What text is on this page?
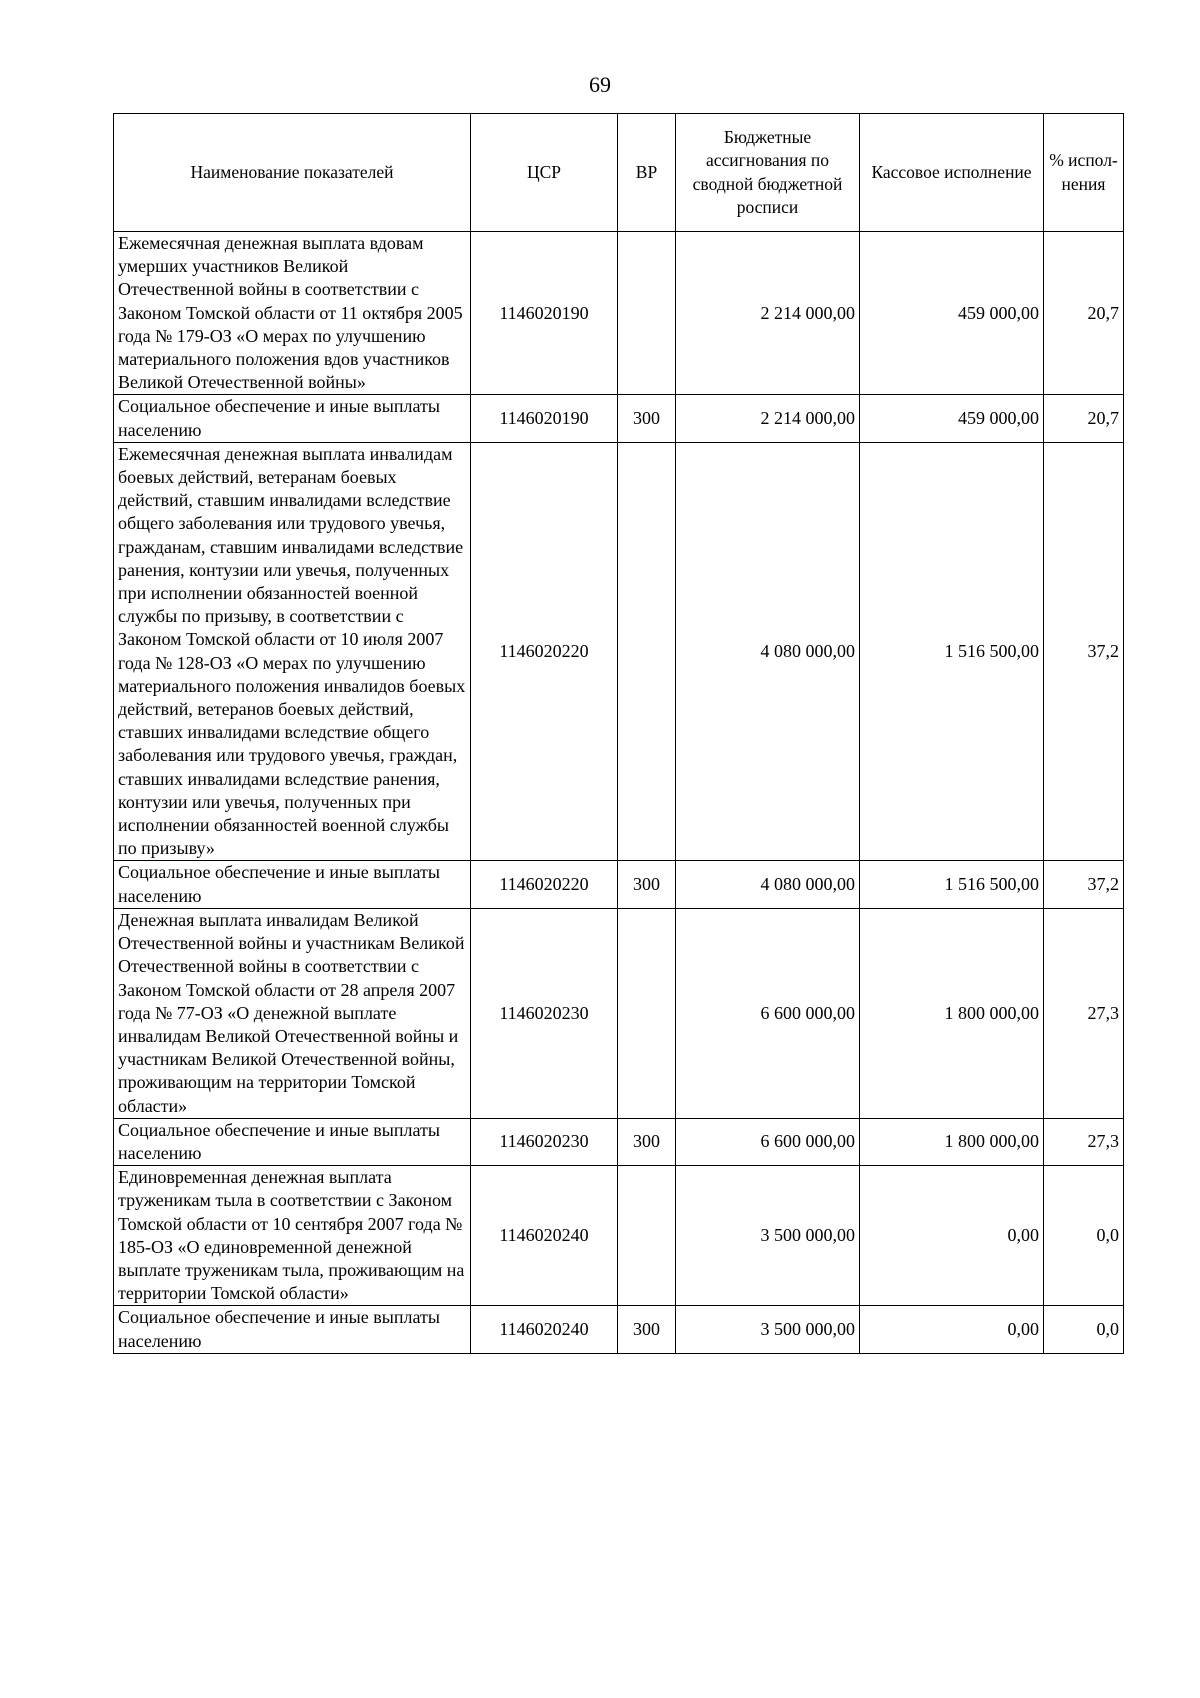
69
Наименование показателей	ЦСР	ВР	Бюджетные ассигнования по сводной бюджетной росписи	Кассовое исполнение	% испол-нения
Ежемесячная денежная выплата вдовам умерших участников Великой Отечественной войны в соответствии с Законом Томской области от 11 октября 2005 года № 179-ОЗ «О мерах по улучшению материального положения вдов участников Великой Отечественной войны»	1146020190		2 214 000,00	459 000,00	20,7
Социальное обеспечение и иные выплаты населению	1146020190	300	2 214 000,00	459 000,00	20,7
Ежемесячная денежная выплата инвалидам боевых действий, ветеранам боевых действий, ставшим инвалидами вследствие общего заболевания или трудового увечья, гражданам, ставшим инвалидами вследствие ранения, контузии или увечья, полученных при исполнении обязанностей военной службы по призыву, в соответствии с Законом Томской области от 10 июля 2007 года № 128-ОЗ «О мерах по улучшению материального положения инвалидов боевых действий, ветеранов боевых действий, ставших инвалидами вследствие общего заболевания или трудового увечья, граждан, ставших инвалидами вследствие ранения, контузии или увечья, полученных при исполнении обязанностей военной службы по призыву»	1146020220		4 080 000,00	1 516 500,00	37,2
Социальное обеспечение и иные выплаты населению	1146020220	300	4 080 000,00	1 516 500,00	37,2
Денежная выплата инвалидам Великой Отечественной войны и участникам Великой Отечественной войны в соответствии с Законом Томской области от 28 апреля 2007 года № 77-ОЗ «О денежной выплате инвалидам Великой Отечественной войны и участникам Великой Отечественной войны, проживающим на территории Томской области»	1146020230		6 600 000,00	1 800 000,00	27,3
Социальное обеспечение и иные выплаты населению	1146020230	300	6 600 000,00	1 800 000,00	27,3
Единовременная денежная выплата труженикам тыла в соответствии с Законом Томской области от 10 сентября 2007 года № 185-ОЗ «О единовременной денежной выплате труженикам тыла, проживающим на территории Томской области»	1146020240		3 500 000,00	0,00	0,0
Социальное обеспечение и иные выплаты населению	1146020240	300	3 500 000,00	0,00	0,0
